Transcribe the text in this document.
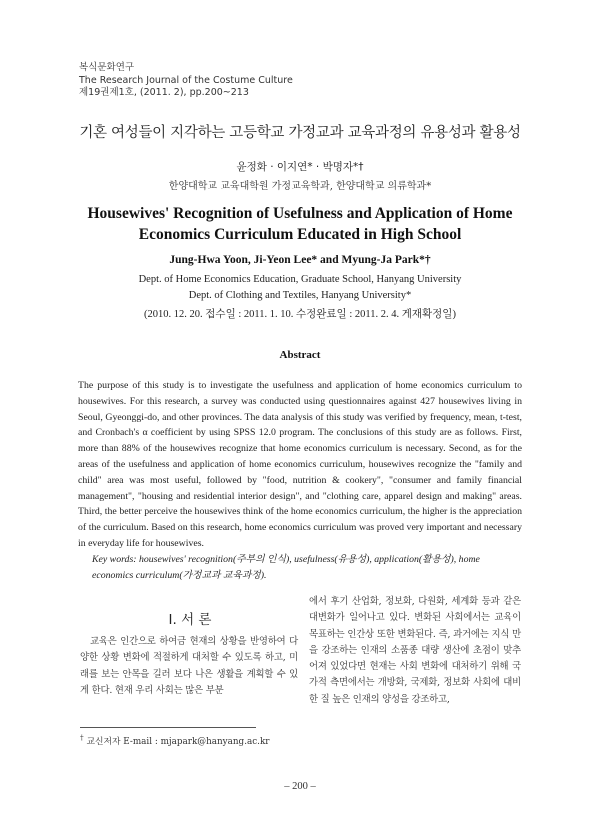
복식문화연구
The Research Journal of the Costume Culture
제19권제1호, (2011. 2), pp.200~213
기혼 여성들이 지각하는 고등학교 가정교과 교육과정의 유용성과 활용성
윤정화 · 이지연* · 박명자*†
한양대학교 교육대학원 가정교육학과, 한양대학교 의류학과*
Housewives' Recognition of Usefulness and Application of Home Economics Curriculum Educated in High School
Jung-Hwa Yoon, Ji-Yeon Lee* and Myung-Ja Park*†
Dept. of Home Economics Education, Graduate School, Hanyang University
Dept. of Clothing and Textiles, Hanyang University*
(2010. 12. 20. 접수일 : 2011. 1. 10. 수정완료일 : 2011. 2. 4. 게재확정일)
Abstract
The purpose of this study is to investigate the usefulness and application of home economics curriculum to housewives. For this research, a survey was conducted using questionnaires against 427 housewives living in Seoul, Gyeonggi-do, and other provinces. The data analysis of this study was verified by frequency, mean, t-test, and Cronbach's α coefficient by using SPSS 12.0 program. The conclusions of this study are as follows. First, more than 88% of the housewives recognize that home economics curriculum is necessary. Second, as for the areas of the usefulness and application of home economics curriculum, housewives recognize the "family and child" area was most useful, followed by "food, nutrition & cookery", "consumer and family financial management", "housing and residential interior design", and "clothing care, apparel design and making" areas. Third, the better perceive the housewives think of the home economics curriculum, the higher is the appreciation of the curriculum. Based on this research, home economics curriculum was proved very important and necessary in everyday life for housewives.
Key words: housewives' recognition(주부의 인식), usefulness(유용성), application(활용성), home economics curriculum(가정교과 교육과정).
Ⅰ. 서 론
교육은 인간으로 하여금 현재의 상황을 반영하여 다양한 상황 변화에 적절하게 대처할 수 있도록 하고, 미래를 보는 안목을 길러 보다 나은 생활을 계획할 수 있게 한다. 현재 우리 사회는 많은 부분
에서 후기 산업화, 정보화, 다원화, 세계화 등과 같은 대변화가 일어나고 있다. 변화된 사회에서는 교육이 목표하는 인간상 또한 변화된다. 즉, 과거에는 지식 만을 강조하는 인재의 소품종 대량 생산에 초점이 맞추어져 있었다면 현재는 사회 변화에 대처하기 위해 국가적 측면에서는 개방화, 국제화, 정보화 사회에 대비한 질 높은 인재의 양성을 강조하고,
† 교신저자 E-mail : mjapark@hanyang.ac.kr
– 200 –
